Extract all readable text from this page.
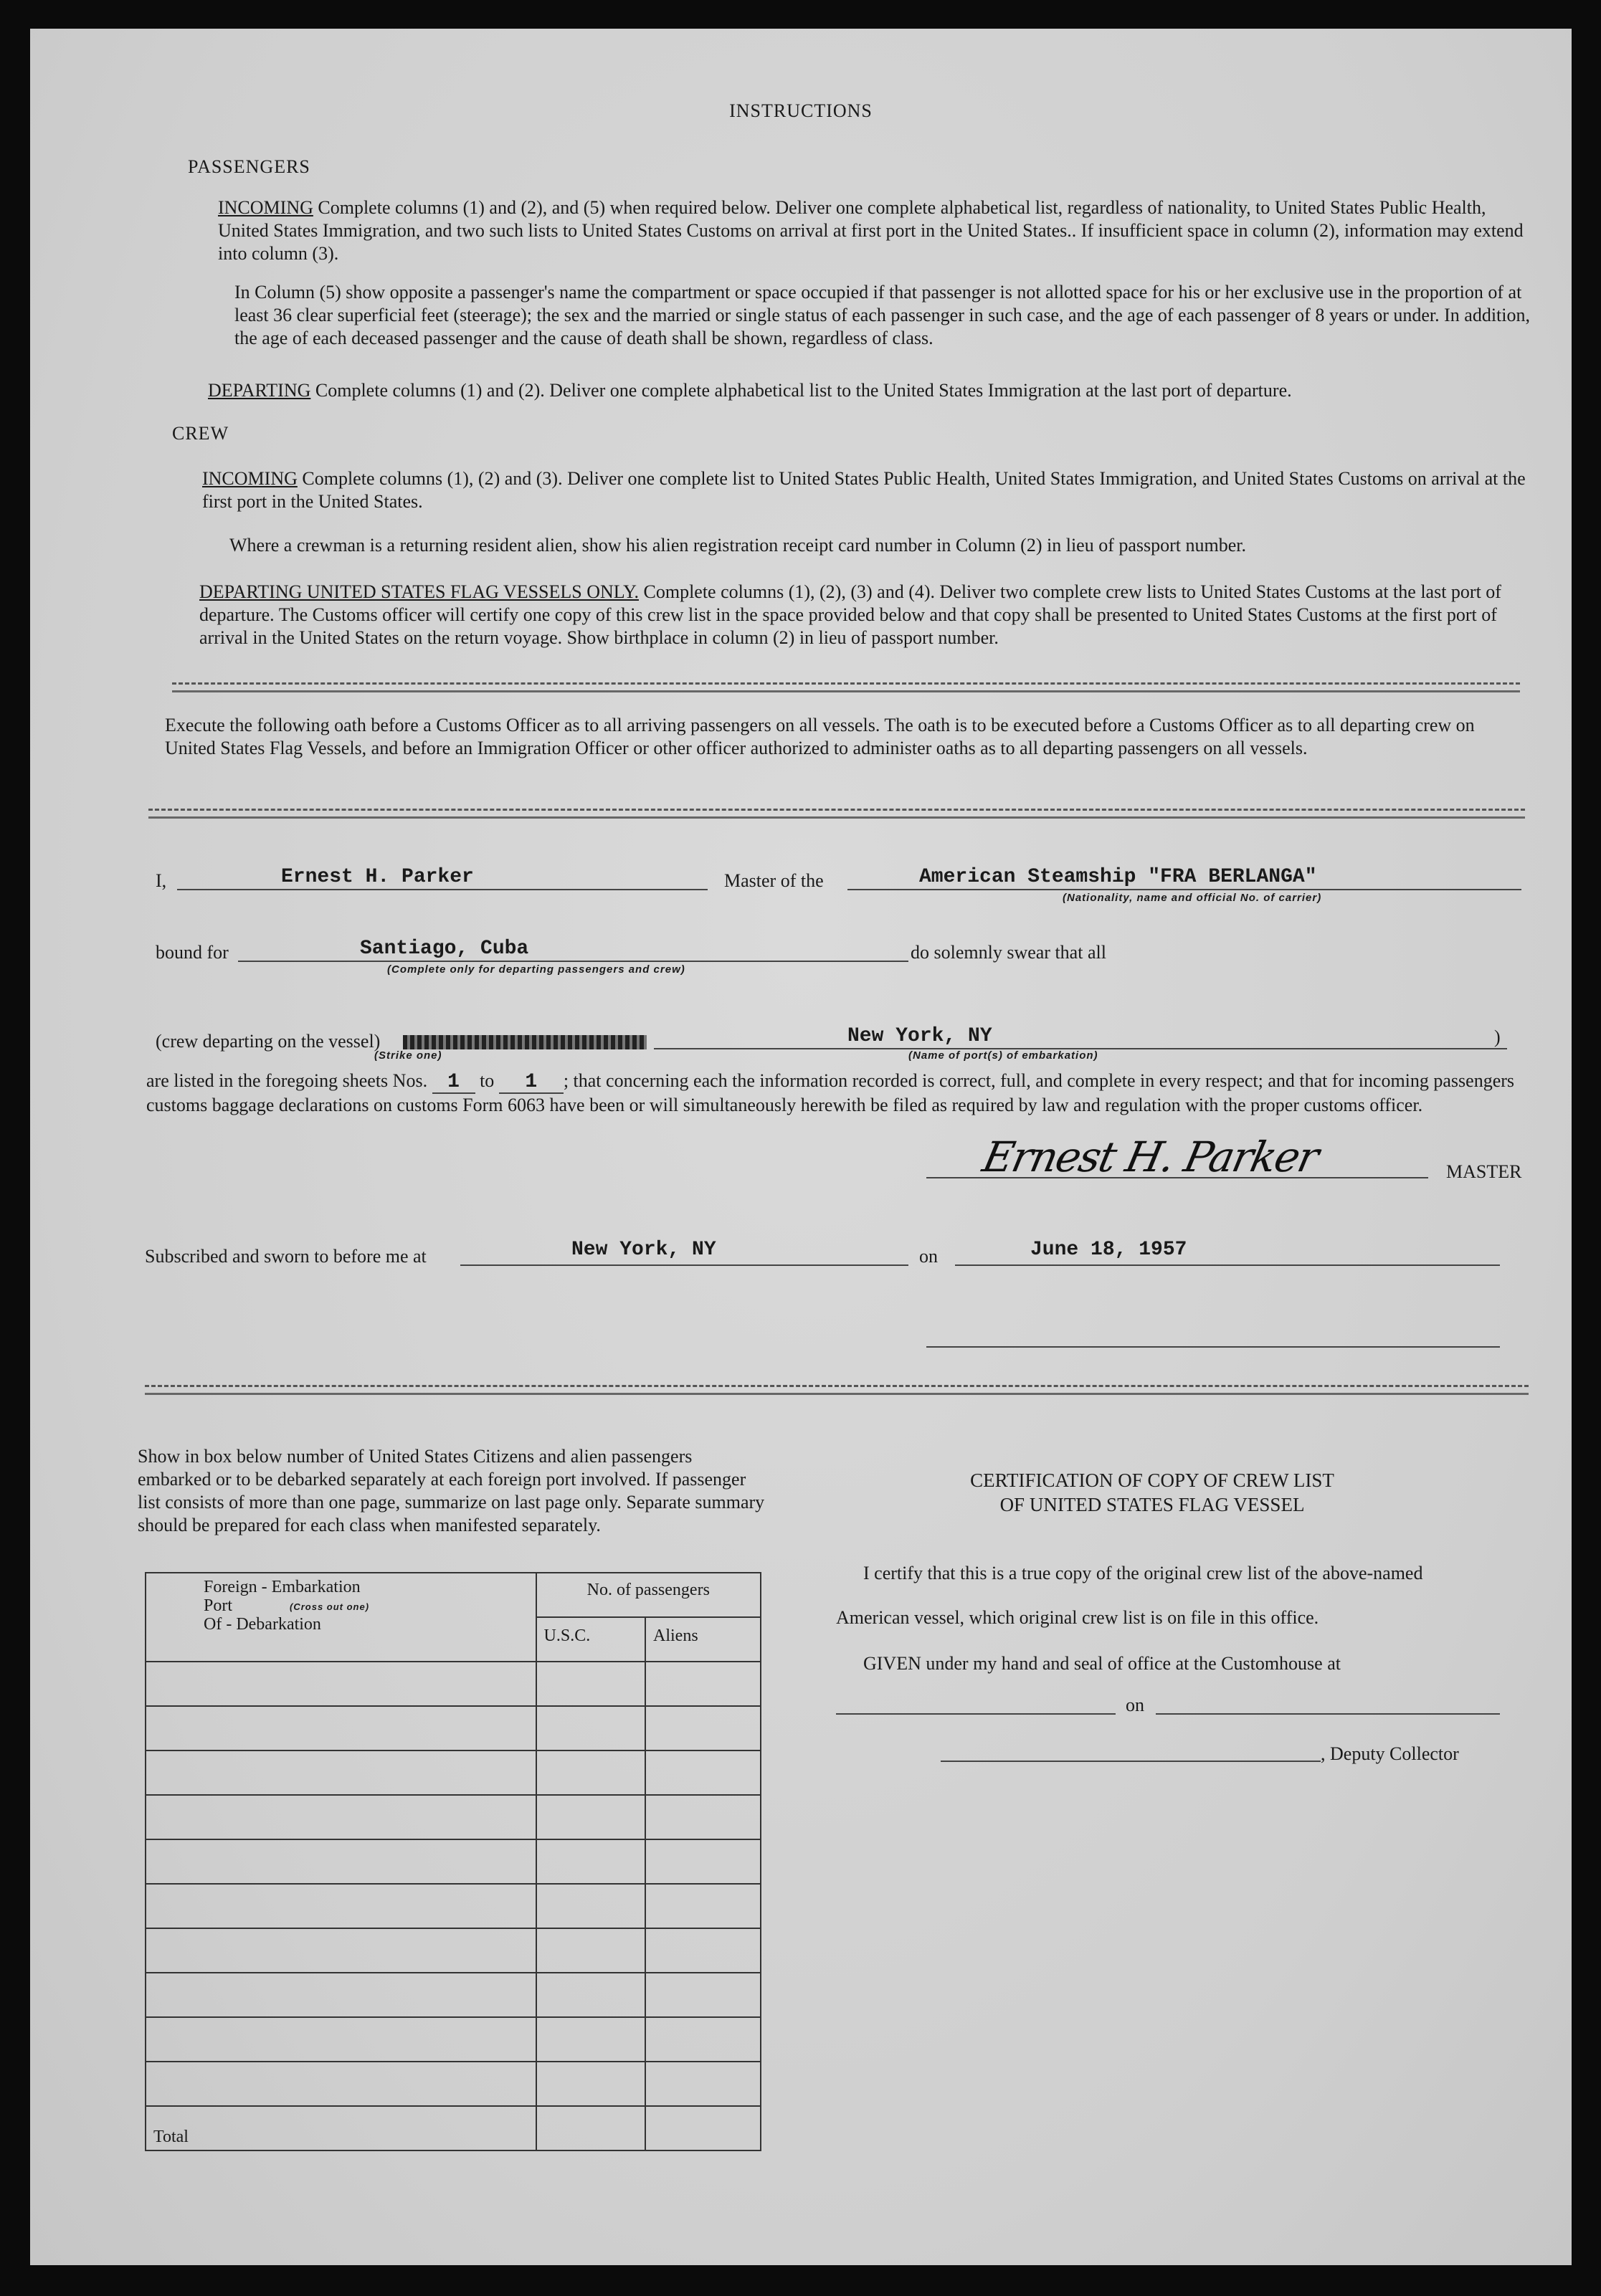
INSTRUCTIONS
PASSENGERS
INCOMING Complete columns (1) and (2), and (5) when required below. Deliver one complete alphabetical list, regardless of nationality, to United States Public Health, United States Immigration, and two such lists to United States Customs on arrival at first port in the United States.. If insufficient space in column (2), information may extend into column (3).
In Column (5) show opposite a passenger's name the compartment or space occupied if that passenger is not allotted space for his or her exclusive use in the proportion of at least 36 clear superficial feet (steerage); the sex and the married or single status of each passenger in such case, and the age of each passenger of 8 years or under. In addition, the age of each deceased passenger and the cause of death shall be shown, regardless of class.
DEPARTING Complete columns (1) and (2). Deliver one complete alphabetical list to the United States Immigration at the last port of departure.
CREW
INCOMING Complete columns (1), (2) and (3). Deliver one complete list to United States Public Health, United States Immigration, and United States Customs on arrival at the first port in the United States.
Where a crewman is a returning resident alien, show his alien registration receipt card number in Column (2) in lieu of passport number.
DEPARTING UNITED STATES FLAG VESSELS ONLY. Complete columns (1), (2), (3) and (4). Deliver two complete crew lists to United States Customs at the last port of departure. The Customs officer will certify one copy of this crew list in the space provided below and that copy shall be presented to United States Customs at the first port of arrival in the United States on the return voyage. Show birthplace in column (2) in lieu of passport number.
Execute the following oath before a Customs Officer as to all arriving passengers on all vessels. The oath is to be executed before a Customs Officer as to all departing crew on United States Flag Vessels, and before an Immigration Officer or other officer authorized to administer oaths as to all departing passengers on all vessels.
I,	Ernest H. Parker	Master of the	American Steamship "FRA BERLANGA"
(Nationality, name and official No. of carrier)
bound for	Santiago, Cuba
(Complete only for departing passengers and crew)
do solemnly swear that all
(crew departing on the vessel)
(Strike one)
New York, NY
(Name of port(s) of embarkation)
)
are listed in the foregoing sheets Nos. 1 to 1 ; that concerning each the information recorded is correct, full, and complete in every respect; and that for incoming passengers customs baggage declarations on customs Form 6063 have been or will simultaneously herewith be filed as required by law and regulation with the proper customs officer.
Ernest H. Parker	MASTER
Subscribed and sworn to before me at	New York, NY	on	June 18, 1957
Show in box below number of United States Citizens and alien passengers embarked or to be debarked separately at each foreign port involved. If passenger list consists of more than one page, summarize on last page only. Separate summary should be prepared for each class when manifested separately.
Foreign - Embarkation
Port (Cross out one)
Of - Debarkation	No. of passengers	
	U.S.C.	Aliens

Total		
CERTIFICATION OF COPY OF CREW LIST
OF UNITED STATES FLAG VESSEL
I certify that this is a true copy of the original crew list of the above-named
American vessel, which original crew list is on file in this office.
GIVEN under my hand and seal of office at the Customhouse at
on
, Deputy Collector
